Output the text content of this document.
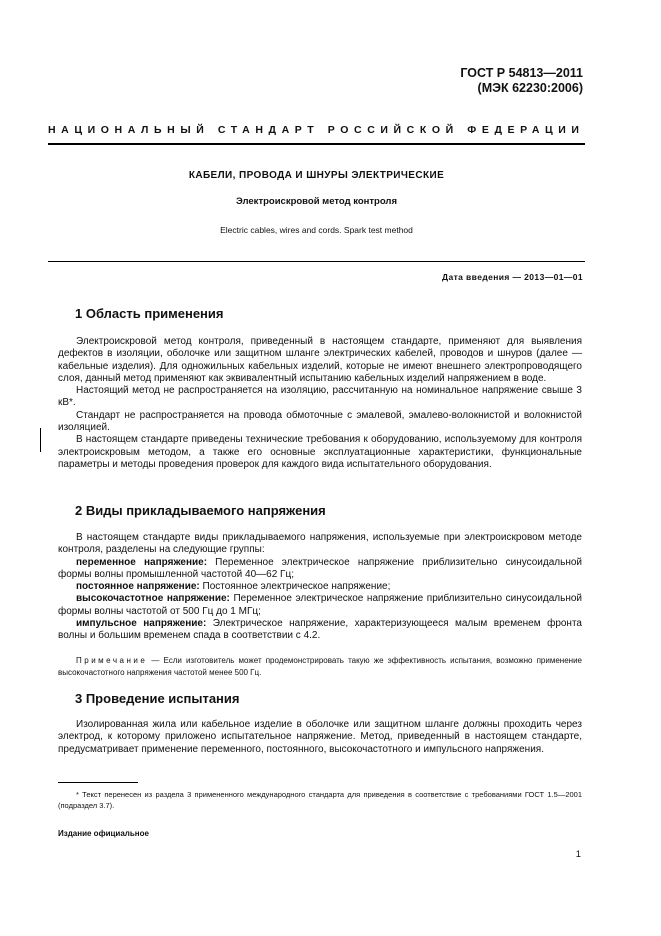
ГОСТ Р 54813—2011
(МЭК 62230:2006)
НАЦИОНАЛЬНЫЙ СТАНДАРТ РОССИЙСКОЙ ФЕДЕРАЦИИ
КАБЕЛИ, ПРОВОДА И ШНУРЫ ЭЛЕКТРИЧЕСКИЕ
Электроискровой метод контроля
Electric cables, wires and cords. Spark test method
Дата введения — 2013—01—01
1 Область применения

Электроискровой метод контроля, приведенный в настоящем стандарте, применяют для выявления дефектов в изоляции, оболочке или защитном шланге электрических кабелей, проводов и шнуров (далее — кабельные изделия). Для одножильных кабельных изделий, которые не имеют внешнего электропроводящего слоя, данный метод применяют как эквивалентный испытанию кабельных изделий напряжением в воде.

Настоящий метод не распространяется на изоляцию, рассчитанную на номинальное напряжение свыше 3 кВ*.

Стандарт не распространяется на провода обмоточные с эмалевой, эмалево-волокнистой и волокнистой изоляцией.

В настоящем стандарте приведены технические требования к оборудованию, используемому для контроля электроискровым методом, а также его основные эксплуатационные характеристики, функциональные параметры и методы проведения проверок для каждого вида испытательного оборудования.

2 Виды прикладываемого напряжения

В настоящем стандарте виды прикладываемого напряжения, используемые при электроискровом методе контроля, разделены на следующие группы:

переменное напряжение: Переменное электрическое напряжение приблизительно синусоидальной формы волны промышленной частотой 40—62 Гц;

постоянное напряжение: Постоянное электрическое напряжение;

высокочастотное напряжение: Переменное электрическое напряжение приблизительно синусоидальной формы волны частотой от 500 Гц до 1 МГц;

импульсное напряжение: Электрическое напряжение, характеризующееся малым временем фронта волны и большим временем спада в соответствии с 4.2.

Примечание — Если изготовитель может продемонстрировать такую же эффективность испытания, возможно применение высокочастотного напряжения частотой менее 500 Гц.

3 Проведение испытания

Изолированная жила или кабельное изделие в оболочке или защитном шланге должны проходить через электрод, к которому приложено испытательное напряжение. Метод, приведенный в настоящем стандарте, предусматривает применение переменного, постоянного, высокочастотного и импульсного напряжения.

* Текст перенесен из раздела 3 примененного международного стандарта для приведения в соответствие с требованиями ГОСТ 1.5—2001 (подраздел 3.7).

Издание официальное
1
